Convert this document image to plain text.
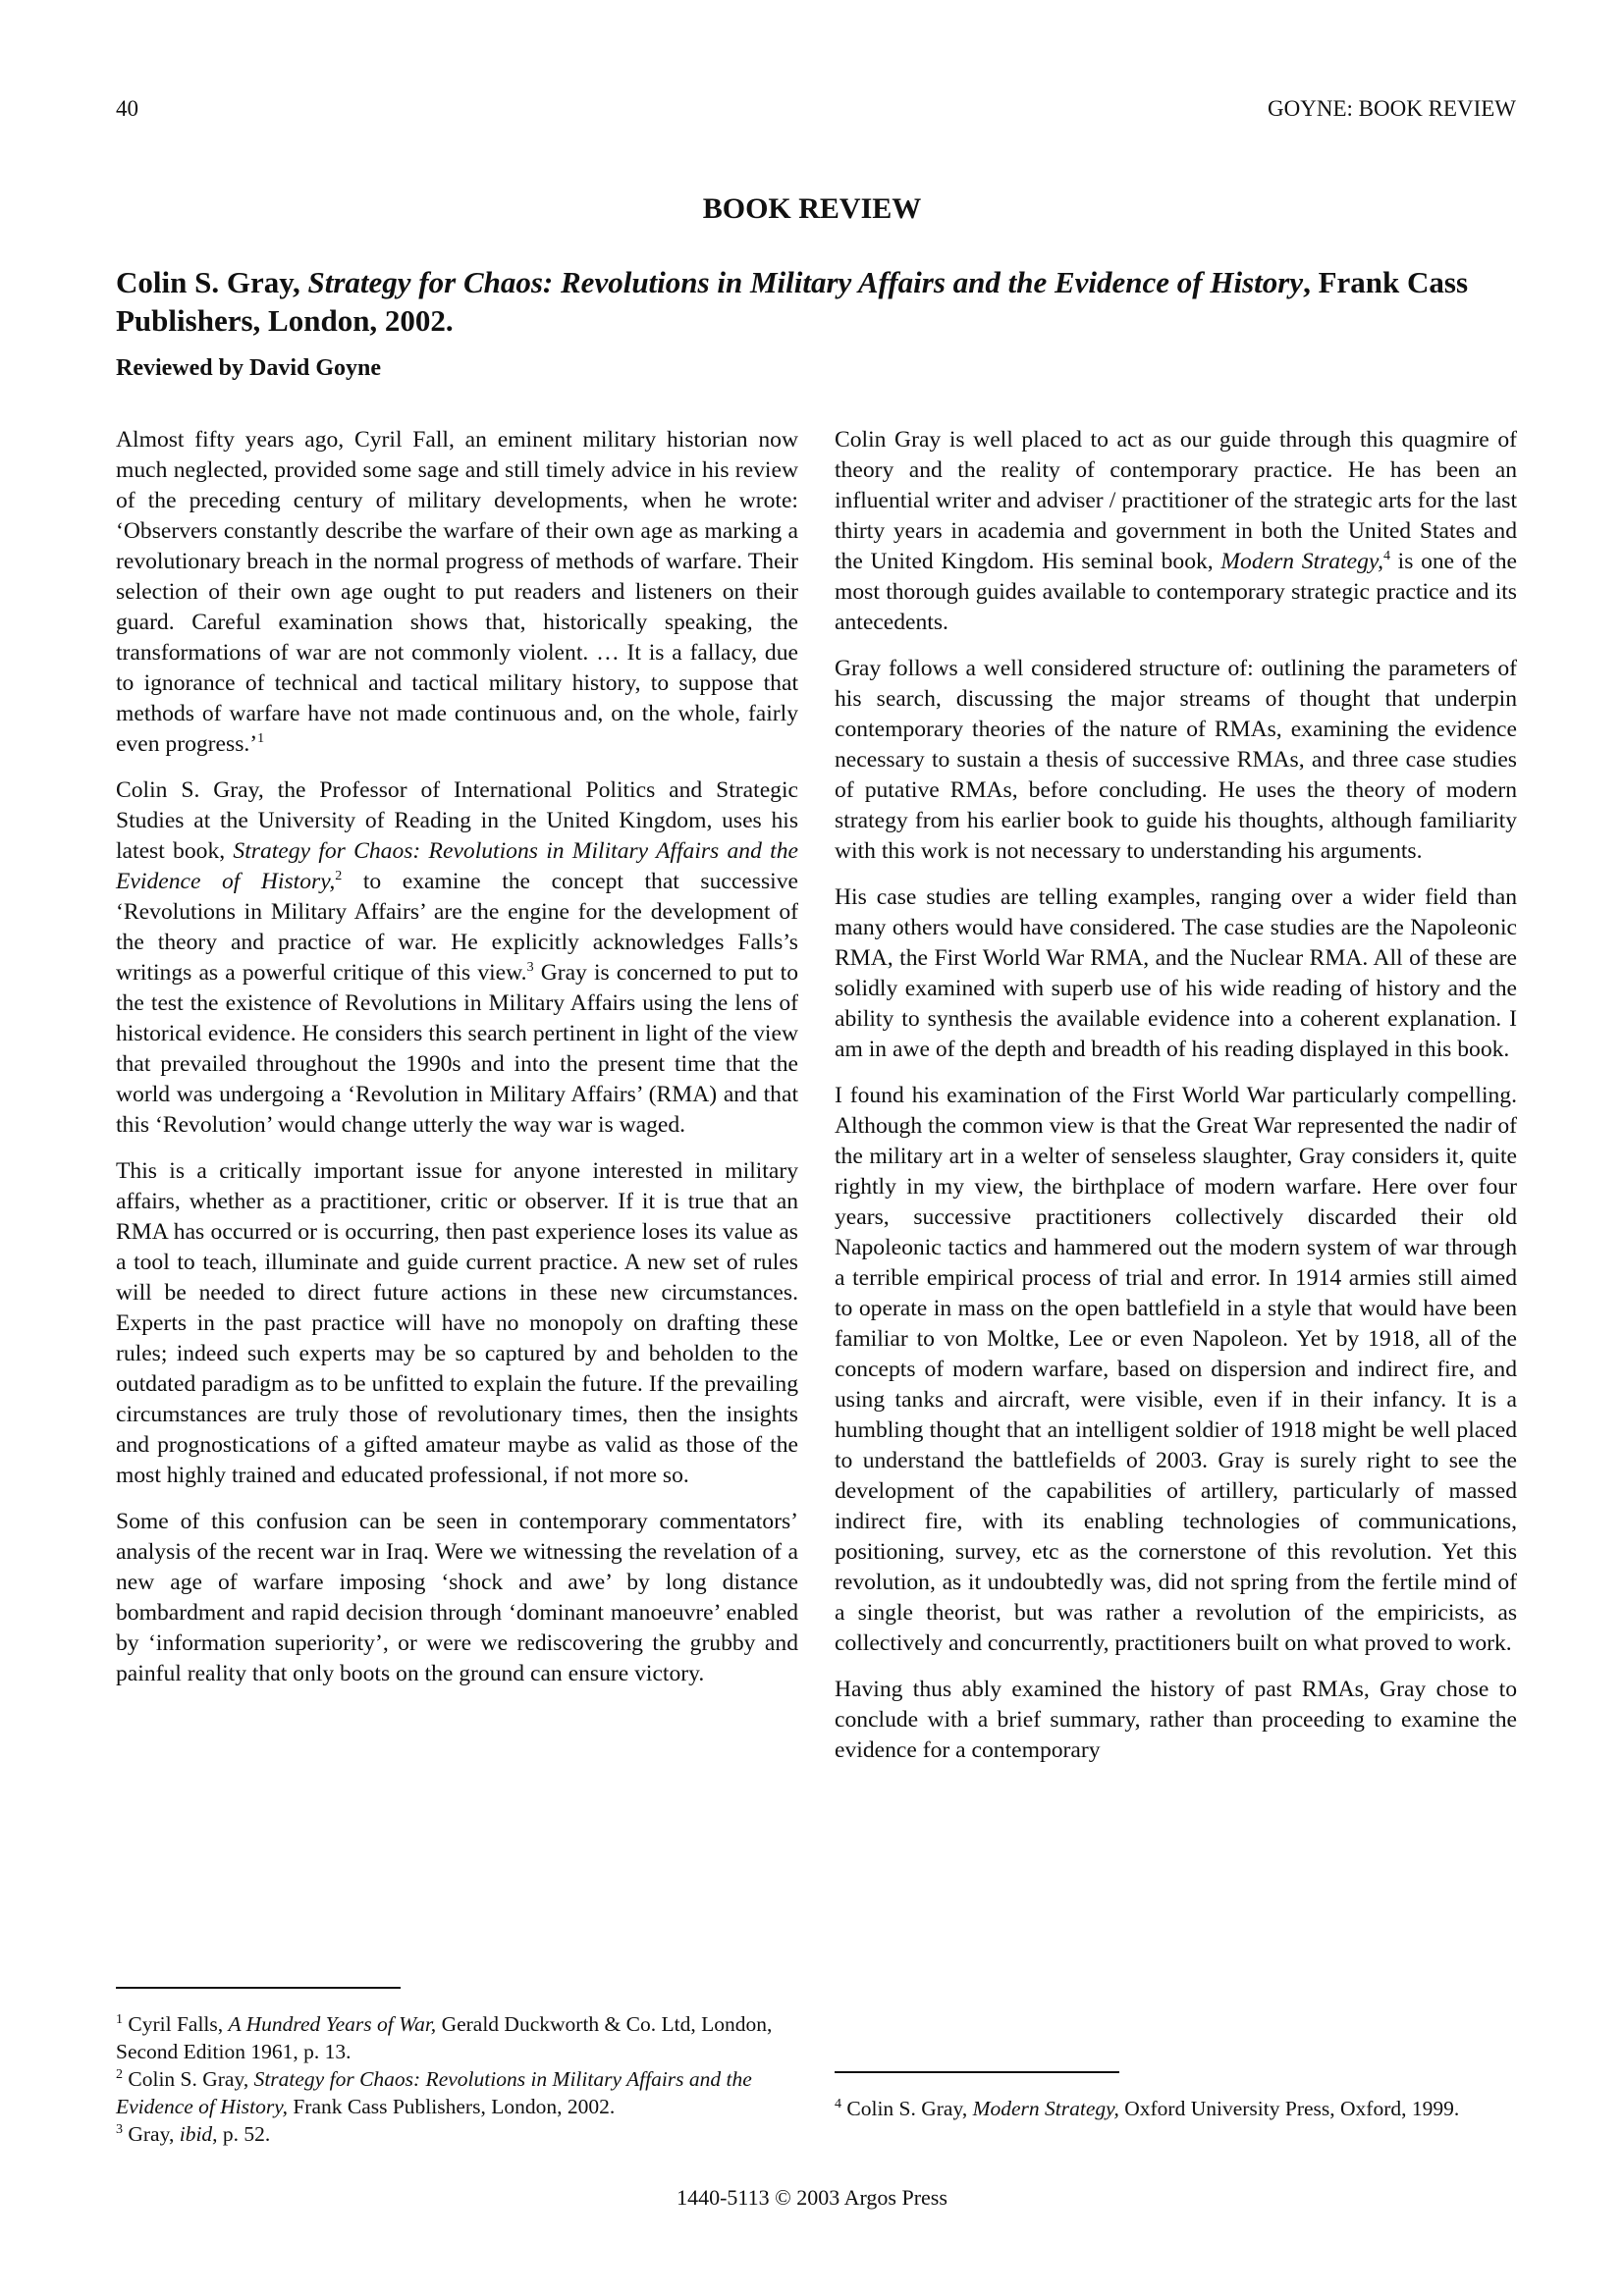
40	GOYNE: BOOK REVIEW
BOOK REVIEW
Colin S. Gray, Strategy for Chaos: Revolutions in Military Affairs and the Evidence of History, Frank Cass Publishers, London, 2002.
Reviewed by David Goyne

Almost fifty years ago, Cyril Fall, an eminent military historian now much neglected, provided some sage and still timely advice in his review of the preceding century of military developments, when he wrote: ‘Observers constantly describe the warfare of their own age as marking a revolutionary breach in the normal progress of methods of warfare. Their selection of their own age ought to put readers and listeners on their guard. Careful examination shows that, historically speaking, the transformations of war are not commonly violent. … It is a fallacy, due to ignorance of technical and tactical military history, to suppose that methods of warfare have not made continuous and, on the whole, fairly even progress.’$^1$

Colin S. Gray, the Professor of International Politics and Strategic Studies at the University of Reading in the United Kingdom, uses his latest book, Strategy for Chaos: Revolutions in Military Affairs and the Evidence of History,$^2$ to examine the concept that successive ‘Revolutions in Military Affairs’ are the engine for the development of the theory and practice of war. He explicitly acknowledges Falls’s writings as a powerful critique of this view.$^3$ Gray is concerned to put to the test the existence of Revolutions in Military Affairs using the lens of historical evidence. He considers this search pertinent in light of the view that prevailed throughout the 1990s and into the present time that the world was undergoing a ‘Revolution in Military Affairs’ (RMA) and that this ‘Revolution’ would change utterly the way war is waged.

This is a critically important issue for anyone interested in military affairs, whether as a practitioner, critic or observer. If it is true that an RMA has occurred or is occurring, then past experience loses its value as a tool to teach, illuminate and guide current practice. A new set of rules will be needed to direct future actions in these new circumstances. Experts in the past practice will have no monopoly on drafting these rules; indeed such experts may be so captured by and beholden to the outdated paradigm as to be unfitted to explain the future. If the prevailing circumstances are truly those of revolutionary times, then the insights and prognostications of a gifted amateur maybe as valid as those of the most highly trained and educated professional, if not more so.

Some of this confusion can be seen in contemporary commentators’ analysis of the recent war in Iraq. Were we witnessing the revelation of a new age of warfare imposing ‘shock and awe’ by long distance bombardment and rapid decision through ‘dominant manoeuvre’ enabled by ‘information superiority’, or were we rediscovering the grubby and painful reality that only boots on the ground can ensure victory.

Colin Gray is well placed to act as our guide through this quagmire of theory and the reality of contemporary practice. He has been an influential writer and adviser / practitioner of the strategic arts for the last thirty years in academia and government in both the United States and the United Kingdom. His seminal book, Modern Strategy,$^4$ is one of the most thorough guides available to contemporary strategic practice and its antecedents.

Gray follows a well considered structure of: outlining the parameters of his search, discussing the major streams of thought that underpin contemporary theories of the nature of RMAs, examining the evidence necessary to sustain a thesis of successive RMAs, and three case studies of putative RMAs, before concluding. He uses the theory of modern strategy from his earlier book to guide his thoughts, although familiarity with this work is not necessary to understanding his arguments.

His case studies are telling examples, ranging over a wider field than many others would have considered. The case studies are the Napoleonic RMA, the First World War RMA, and the Nuclear RMA. All of these are solidly examined with superb use of his wide reading of history and the ability to synthesis the available evidence into a coherent explanation. I am in awe of the depth and breadth of his reading displayed in this book.

I found his examination of the First World War particularly compelling. Although the common view is that the Great War represented the nadir of the military art in a welter of senseless slaughter, Gray considers it, quite rightly in my view, the birthplace of modern warfare. Here over four years, successive practitioners collectively discarded their old Napoleonic tactics and hammered out the modern system of war through a terrible empirical process of trial and error. In 1914 armies still aimed to operate in mass on the open battlefield in a style that would have been familiar to von Moltke, Lee or even Napoleon. Yet by 1918, all of the concepts of modern warfare, based on dispersion and indirect fire, and using tanks and aircraft, were visible, even if in their infancy. It is a humbling thought that an intelligent soldier of 1918 might be well placed to understand the battlefields of 2003. Gray is surely right to see the development of the capabilities of artillery, particularly of massed indirect fire, with its enabling technologies of communications, positioning, survey, etc as the cornerstone of this revolution. Yet this revolution, as it undoubtedly was, did not spring from the fertile mind of a single theorist, but was rather a revolution of the empiricists, as collectively and concurrently, practitioners built on what proved to work.

Having thus ably examined the history of past RMAs, Gray chose to conclude with a brief summary, rather than proceeding to examine the evidence for a contemporary

$^1$ Cyril Falls, A Hundred Years of War, Gerald Duckworth & Co. Ltd, London, Second Edition 1961, p. 13.
$^2$ Colin S. Gray, Strategy for Chaos: Revolutions in Military Affairs and the Evidence of History, Frank Cass Publishers, London, 2002.
$^3$ Gray, ibid, p. 52.
$^4$ Colin S. Gray, Modern Strategy, Oxford University Press, Oxford, 1999.
1440-5113 © 2003 Argos Press
